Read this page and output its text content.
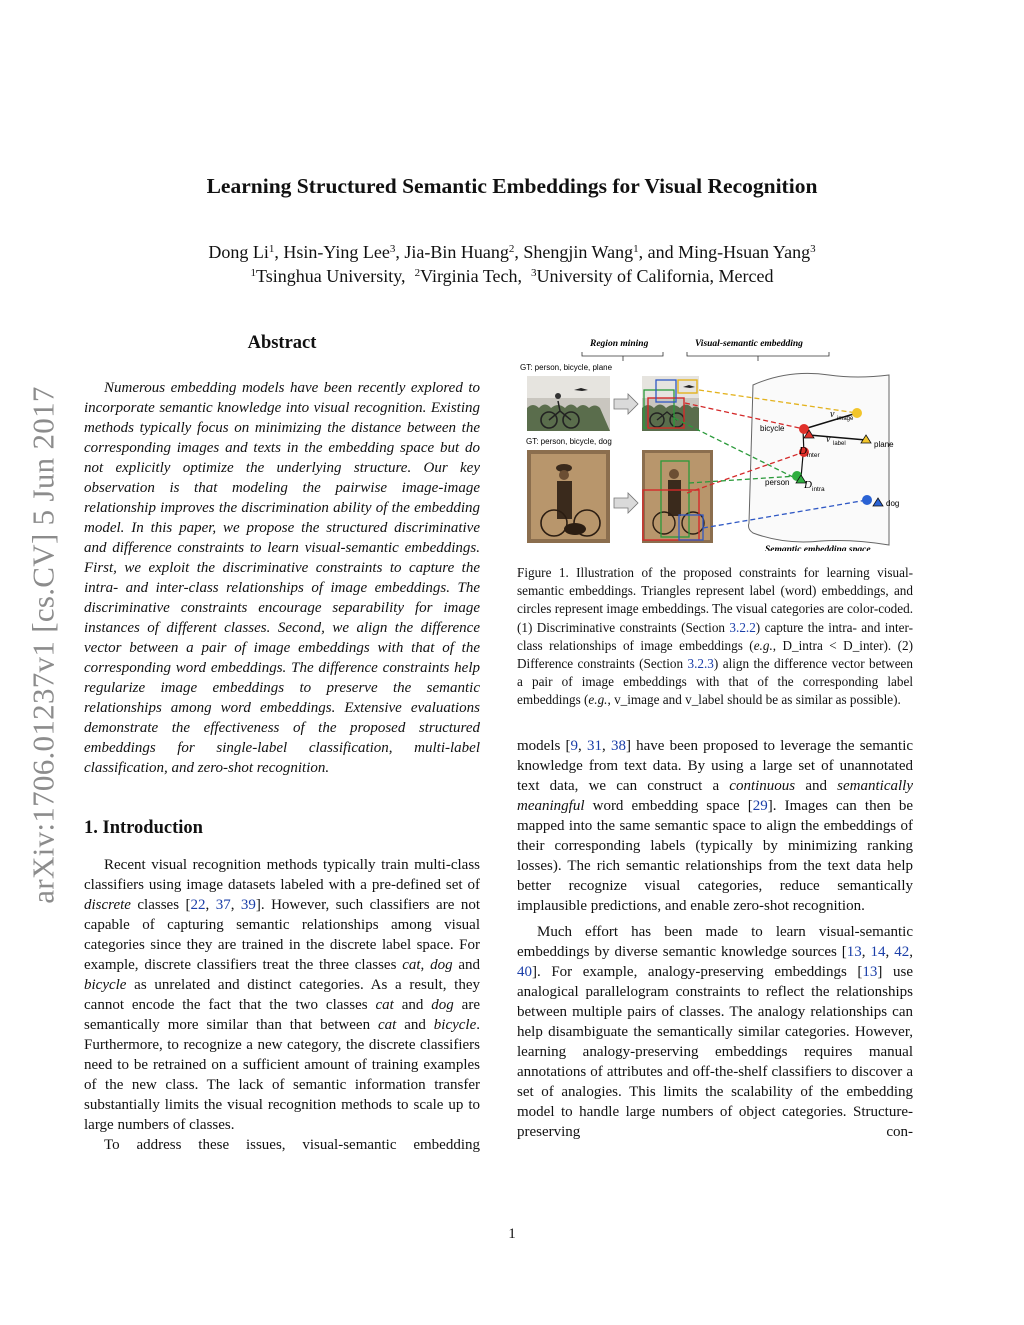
arXiv:1706.01237v1 [cs.CV] 5 Jun 2017
Learning Structured Semantic Embeddings for Visual Recognition
Dong Li$^1$, Hsin-Ying Lee$^3$, Jia-Bin Huang$^2$, Shengjin Wang$^1$, and Ming-Hsuan Yang$^3$
$^1$Tsinghua University, $^2$Virginia Tech, $^3$University of California, Merced
Abstract

Numerous embedding models have been recently explored to incorporate semantic knowledge into visual recognition. Existing methods typically focus on minimizing the distance between the corresponding images and texts in the embedding space but do not explicitly optimize the underlying structure. Our key observation is that modeling the pairwise image-image relationship improves the discrimination ability of the embedding model. In this paper, we propose the structured discriminative and difference constraints to learn visual-semantic embeddings. First, we exploit the discriminative constraints to capture the intra- and inter-class relationships of image embeddings. The discriminative constraints encourage separability for image instances of different classes. Second, we align the difference vector between a pair of image embeddings with that of the corresponding word embeddings. The difference constraints help regularize image embeddings to preserve the semantic relationships among word embeddings. Extensive evaluations demonstrate the effectiveness of the proposed structured embeddings for single-label classification, multi-label classification, and zero-shot recognition.

1. Introduction

Recent visual recognition methods typically train multi-class classifiers using image datasets labeled with a pre-defined set of discrete classes [22, 37, 39]. However, such classifiers are not capable of capturing semantic relationships among visual categories since they are trained in the discrete label space. For example, discrete classifiers treat the three classes cat, dog and bicycle as unrelated and distinct categories. As a result, they cannot encode the fact that the two classes cat and dog are semantically more similar than that between cat and bicycle. Furthermore, to recognize a new category, the discrete classifiers need to be retrained on a sufficient amount of training examples of the new class. The lack of semantic information transfer substantially limits the visual recognition methods to scale up to large numbers of classes.

To address these issues, visual-semantic embedding

Region mining	Visual-semantic embedding
GT: person, bicycle, plane
GT: person, bicycle, dog
Semantic embedding space
bicycle
plane
person
dog
v⃗
image
v⃗
label
D inter
D intra

Figure 1. Illustration of the proposed constraints for learning visual-semantic embeddings. Triangles represent label (word) embeddings, and circles represent image embeddings. The visual categories are color-coded. (1) Discriminative constraints (Section 3.2.2) capture the intra- and inter-class relationships of image embeddings (e.g., D_intra < D_inter). (2) Difference constraints (Section 3.2.3) align the difference vector between a pair of image embeddings with that of the corresponding label embeddings (e.g., v_image and v_label should be as similar as possible).

models [9, 31, 38] have been proposed to leverage the semantic knowledge from text data. By using a large set of unannotated text data, we can construct a continuous and semantically meaningful word embedding space [29]. Images can then be mapped into the same semantic space to align the embeddings of their corresponding labels (typically by minimizing ranking losses). The rich semantic relationships from the text data help better recognize visual categories, reduce semantically implausible predictions, and enable zero-shot recognition.

Much effort has been made to learn visual-semantic embeddings by diverse semantic knowledge sources [13, 14, 42, 40]. For example, analogy-preserving embeddings [13] use analogical parallelogram constraints to reflect the relationships between multiple pairs of classes. The analogy relationships can help disambiguate the semantically similar categories. However, learning analogy-preserving embeddings requires manual annotations of attributes and off-the-shelf classifiers to discover a set of analogies. This limits the scalability of the embedding model to handle large numbers of object categories. Structure-preserving con-

1
